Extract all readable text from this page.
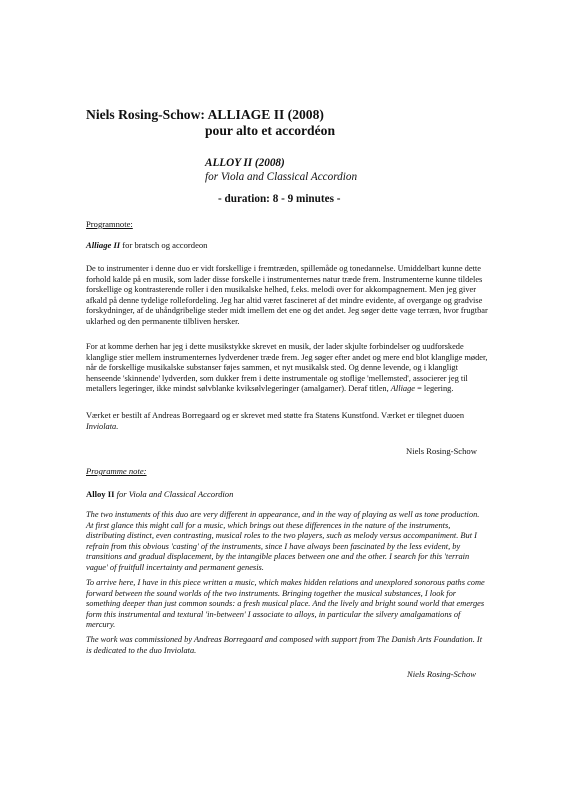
Niels Rosing-Schow: ALLIAGE II (2008)
pour alto et accordéon
ALLOY II (2008)
for Viola and Classical Accordion
- duration: 8 - 9 minutes -
Programnote:
Alliage II for bratsch og accordeon
De to instrumenter i denne duo er vidt forskellige i fremtræden, spillemåde og tonedannelse. Umiddelbart kunne dette forhold kalde på en musik, som lader disse forskelle i instrumenternes natur træde frem. Instrumenterne kunne tildeles forskellige og kontrasterende roller i den musikalske helhed, f.eks. melodi over for akkompagnement. Men jeg giver afkald på denne tydelige rollefordeling. Jeg har altid været fascineret af det mindre evidente, af overgange og gradvise forskydninger, af de uhåndgribelige steder midt imellem det ene og det andet. Jeg søger dette vage terræn, hvor frugtbar uklarhed og den permanente tilbliven hersker.
For at komme derhen har jeg i dette musikstykke skrevet en musik, der lader skjulte forbindelser og uudforskede klanglige stier mellem instrumenternes lydverdener træde frem. Jeg søger efter andet og mere end blot klanglige møder, når de forskellige musikalske substanser føjes sammen, et nyt musikalsk sted. Og denne levende, og i klangligt henseende 'skinnende' lydverden, som dukker frem i dette instrumentale og stoflige 'mellemsted', associerer jeg til metallers legeringer, ikke mindst sølvblanke kviksølvlegeringer (amalgamer). Deraf titlen, Alliage = legering.
Værket er bestilt af Andreas Borregaard og er skrevet med støtte fra Statens Kunstfond. Værket er tilegnet duoen Inviolata.
Niels Rosing-Schow
Programme note:
Alloy II for Viola and Classical Accordion
The two instuments of this duo are very different in appearance, and in the way of playing as well as tone production. At first glance this might call for a music, which brings out these differences in the nature of the instruments, distributing distinct, even contrasting, musical roles to the two players, such as melody versus accompaniment. But I refrain from this obvious 'casting' of the instruments, since I have always been fascinated by the less evident, by transitions and gradual displacement, by the intangible places between one and the other. I search for this 'terrain vague' of fruitfull incertainty and permanent genesis.
To arrive here, I have in this piece written a music, which makes hidden relations and unexplored sonorous paths come forward between the sound worlds of the two instruments. Bringing together the musical substances, I look for something deeper than just common sounds: a fresh musical place. And the lively and bright sound world that emerges form this instrumental and textural 'in-between' I associate to alloys, in particular the silvery amalgamations of mercury.
The work was commissioned by Andreas Borregaard and composed with support from The Danish Arts Foundation. It is dedicated to the duo Inviolata.
Niels Rosing-Schow
